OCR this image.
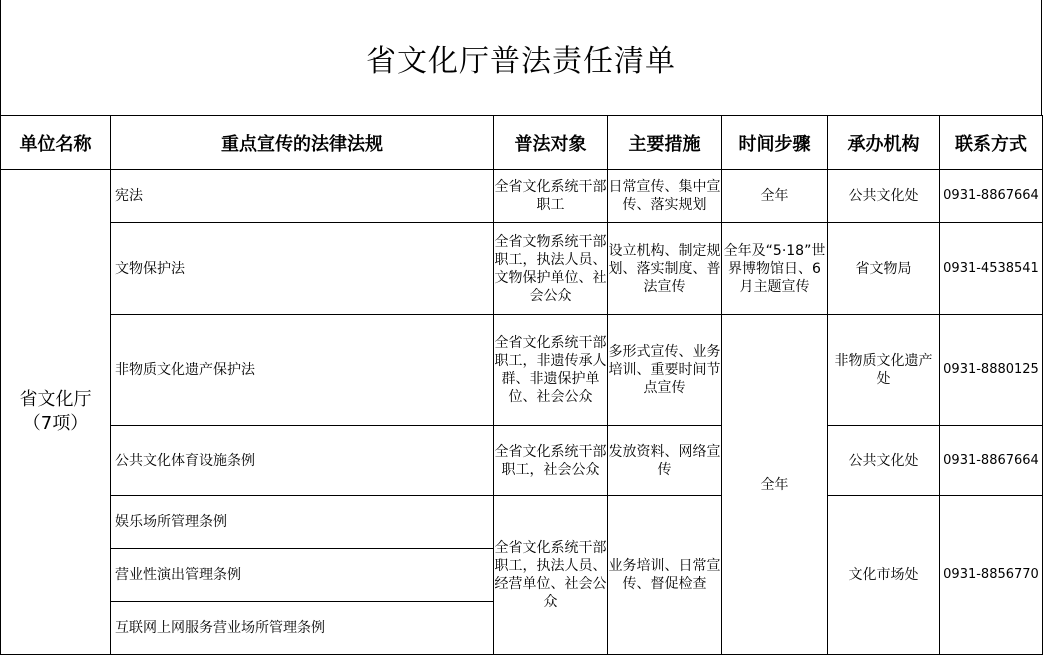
省文化厅普法责任清单
单位名称	重点宣传的法律法规	普法对象	主要措施	时间步骤	承办机构	联系方式

省文化厅
（7项）	宪法	全省文化系统干部职工	日常宣传、集中宣传、落实规划	全年	公共文化处	0931-8867664
	文物保护法	全省文物系统干部职工，执法人员、文物保护单位、社会公众	设立机构、制定规划、落实制度、普法宣传	全年及“5·18”世界博物馆日、6月主题宣传	省文物局	0931-4538541
	非物质文化遗产保护法	全省文化系统干部职工，非遗传承人群、非遗保护单位、社会公众	多形式宣传、业务培训、重要时间节点宣传	全年	非物质文化遗产处	0931-8880125
	公共文化体育设施条例	全省文化系统干部职工，社会公众	发放资料、网络宣传		公共文化处	0931-8867664
	娱乐场所管理条例	全省文化系统干部职工，执法人员、经营单位、社会公众	业务培训、日常宣传、督促检查		文化市场处	0931-8856770
	营业性演出管理条例					
	互联网上网服务营业场所管理条例					
